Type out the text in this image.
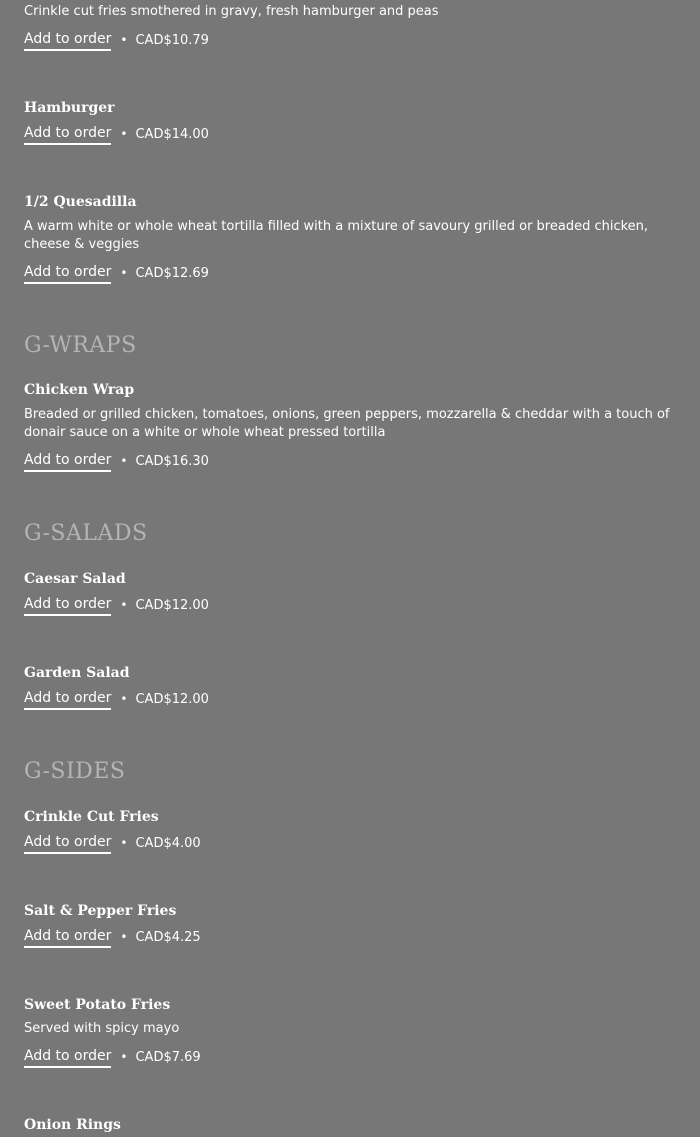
Crinkle cut fries smothered in gravy, fresh hamburger and peas
Add to order • CAD$10.79
Hamburger
Add to order • CAD$14.00
1/2 Quesadilla
A warm white or whole wheat tortilla filled with a mixture of savoury grilled or breaded chicken, cheese & veggies
Add to order • CAD$12.69
G-WRAPS
Chicken Wrap
Breaded or grilled chicken, tomatoes, onions, green peppers, mozzarella & cheddar with a touch of donair sauce on a white or whole wheat pressed tortilla
Add to order • CAD$16.30
G-SALADS
Caesar Salad
Add to order • CAD$12.00
Garden Salad
Add to order • CAD$12.00
G-SIDES
Crinkle Cut Fries
Add to order • CAD$4.00
Salt & Pepper Fries
Add to order • CAD$4.25
Sweet Potato Fries
Served with spicy mayo
Add to order • CAD$7.69
Onion Rings
